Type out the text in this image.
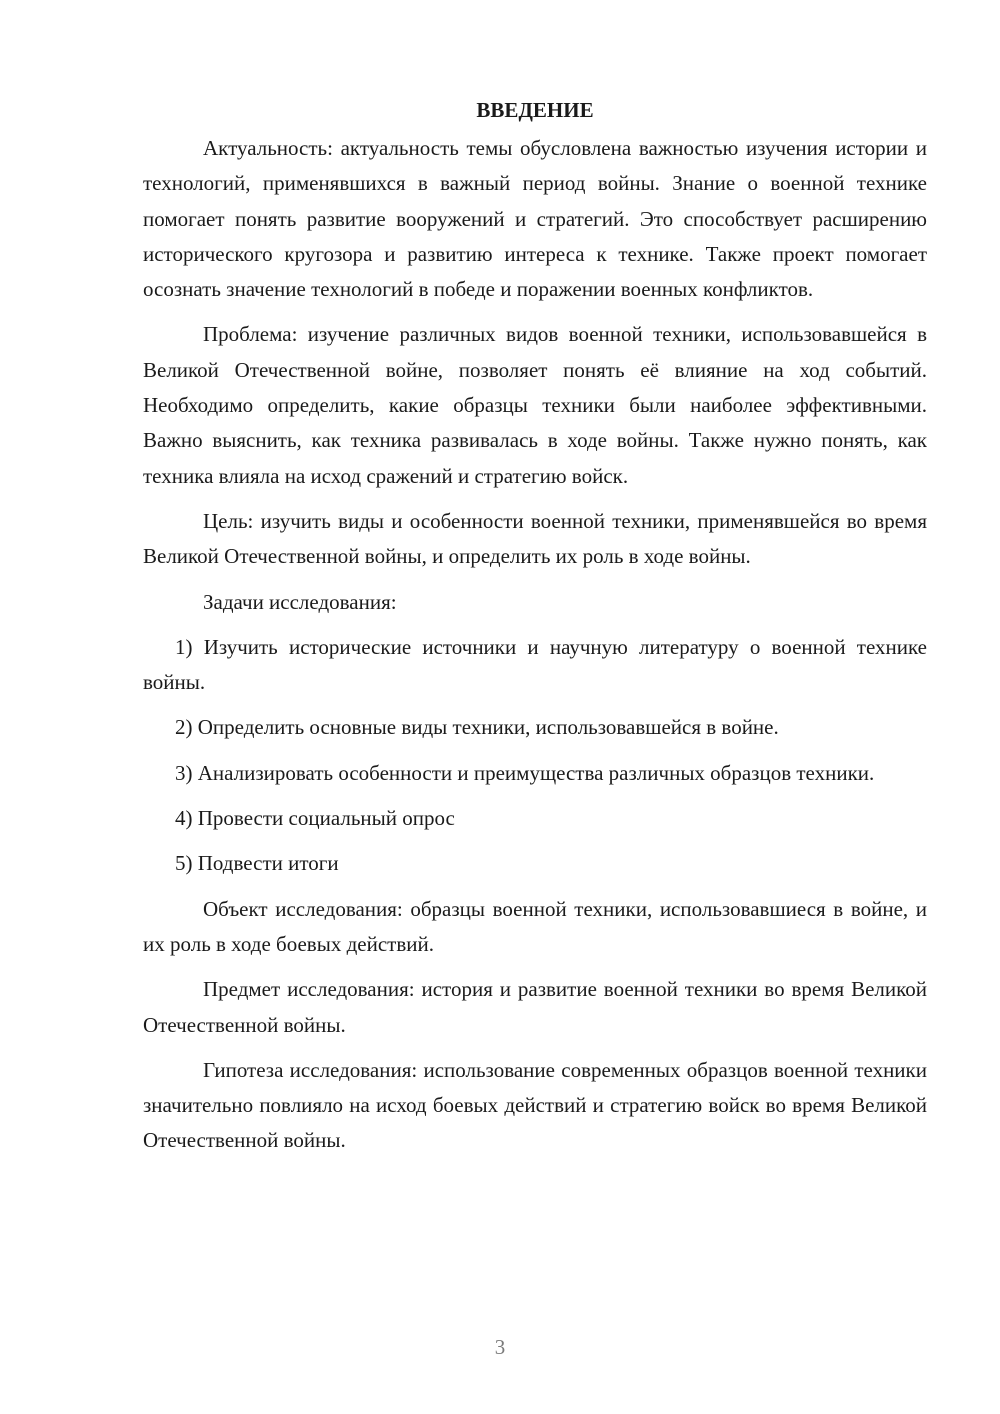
ВВЕДЕНИЕ

Актуальность: актуальность темы обусловлена важностью изучения истории и технологий, применявшихся в важный период войны. Знание о военной технике помогает понять развитие вооружений и стратегий. Это способствует расширению исторического кругозора и развитию интереса к технике. Также проект помогает осознать значение технологий в победе и поражении военных конфликтов.

Проблема: изучение различных видов военной техники, использовавшейся в Великой Отечественной войне, позволяет понять её влияние на ход событий. Необходимо определить, какие образцы техники были наиболее эффективными. Важно выяснить, как техника развивалась в ходе войны. Также нужно понять, как техника влияла на исход сражений и стратегию войск.

Цель: изучить виды и особенности военной техники, применявшейся во время Великой Отечественной войны, и определить их роль в ходе войны.

Задачи исследования:

1) Изучить исторические источники и научную литературу о военной технике войны.

2) Определить основные виды техники, использовавшейся в войне.

3) Анализировать особенности и преимущества различных образцов техники.

4) Провести социальный опрос

5) Подвести итоги

Объект исследования: образцы военной техники, использовавшиеся в войне, и их роль в ходе боевых действий.

Предмет исследования: история и развитие военной техники во время Великой Отечественной войны.

Гипотеза исследования: использование современных образцов военной техники значительно повлияло на исход боевых действий и стратегию войск во время Великой Отечественной войны.

3
